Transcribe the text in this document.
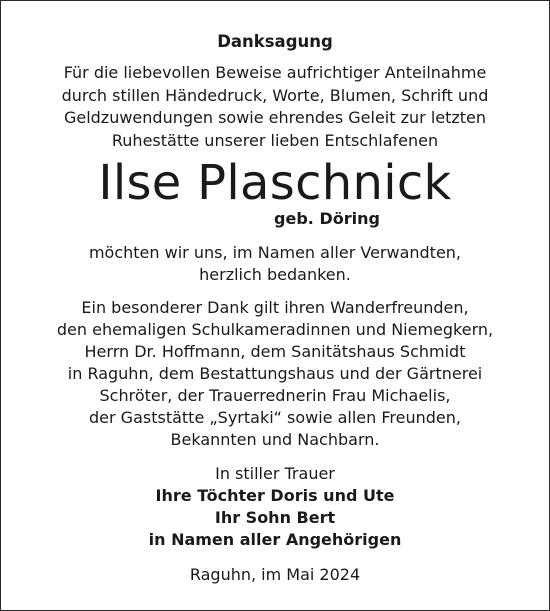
Danksagung
Für die liebevollen Beweise aufrichtiger Anteilnahme
durch stillen Händedruck, Worte, Blumen, Schrift und
Geldzuwendungen sowie ehrendes Geleit zur letzten
Ruhestätte unserer lieben Entschlafenen
Ilse Plaschnick
geb. Döring
möchten wir uns, im Namen aller Verwandten,
herzlich bedanken.
Ein besonderer Dank gilt ihren Wanderfreunden,
den ehemaligen Schulkameradinnen und Niemegkern,
Herrn Dr. Hoffmann, dem Sanitätshaus Schmidt
in Raguhn, dem Bestattungshaus und der Gärtnerei
Schröter, der Trauerrednerin Frau Michaelis,
der Gaststätte „Syrtaki“ sowie allen Freunden,
Bekannten und Nachbarn.
In stiller Trauer
Ihre Töchter Doris und Ute
Ihr Sohn Bert
in Namen aller Angehörigen
Raguhn, im Mai 2024
